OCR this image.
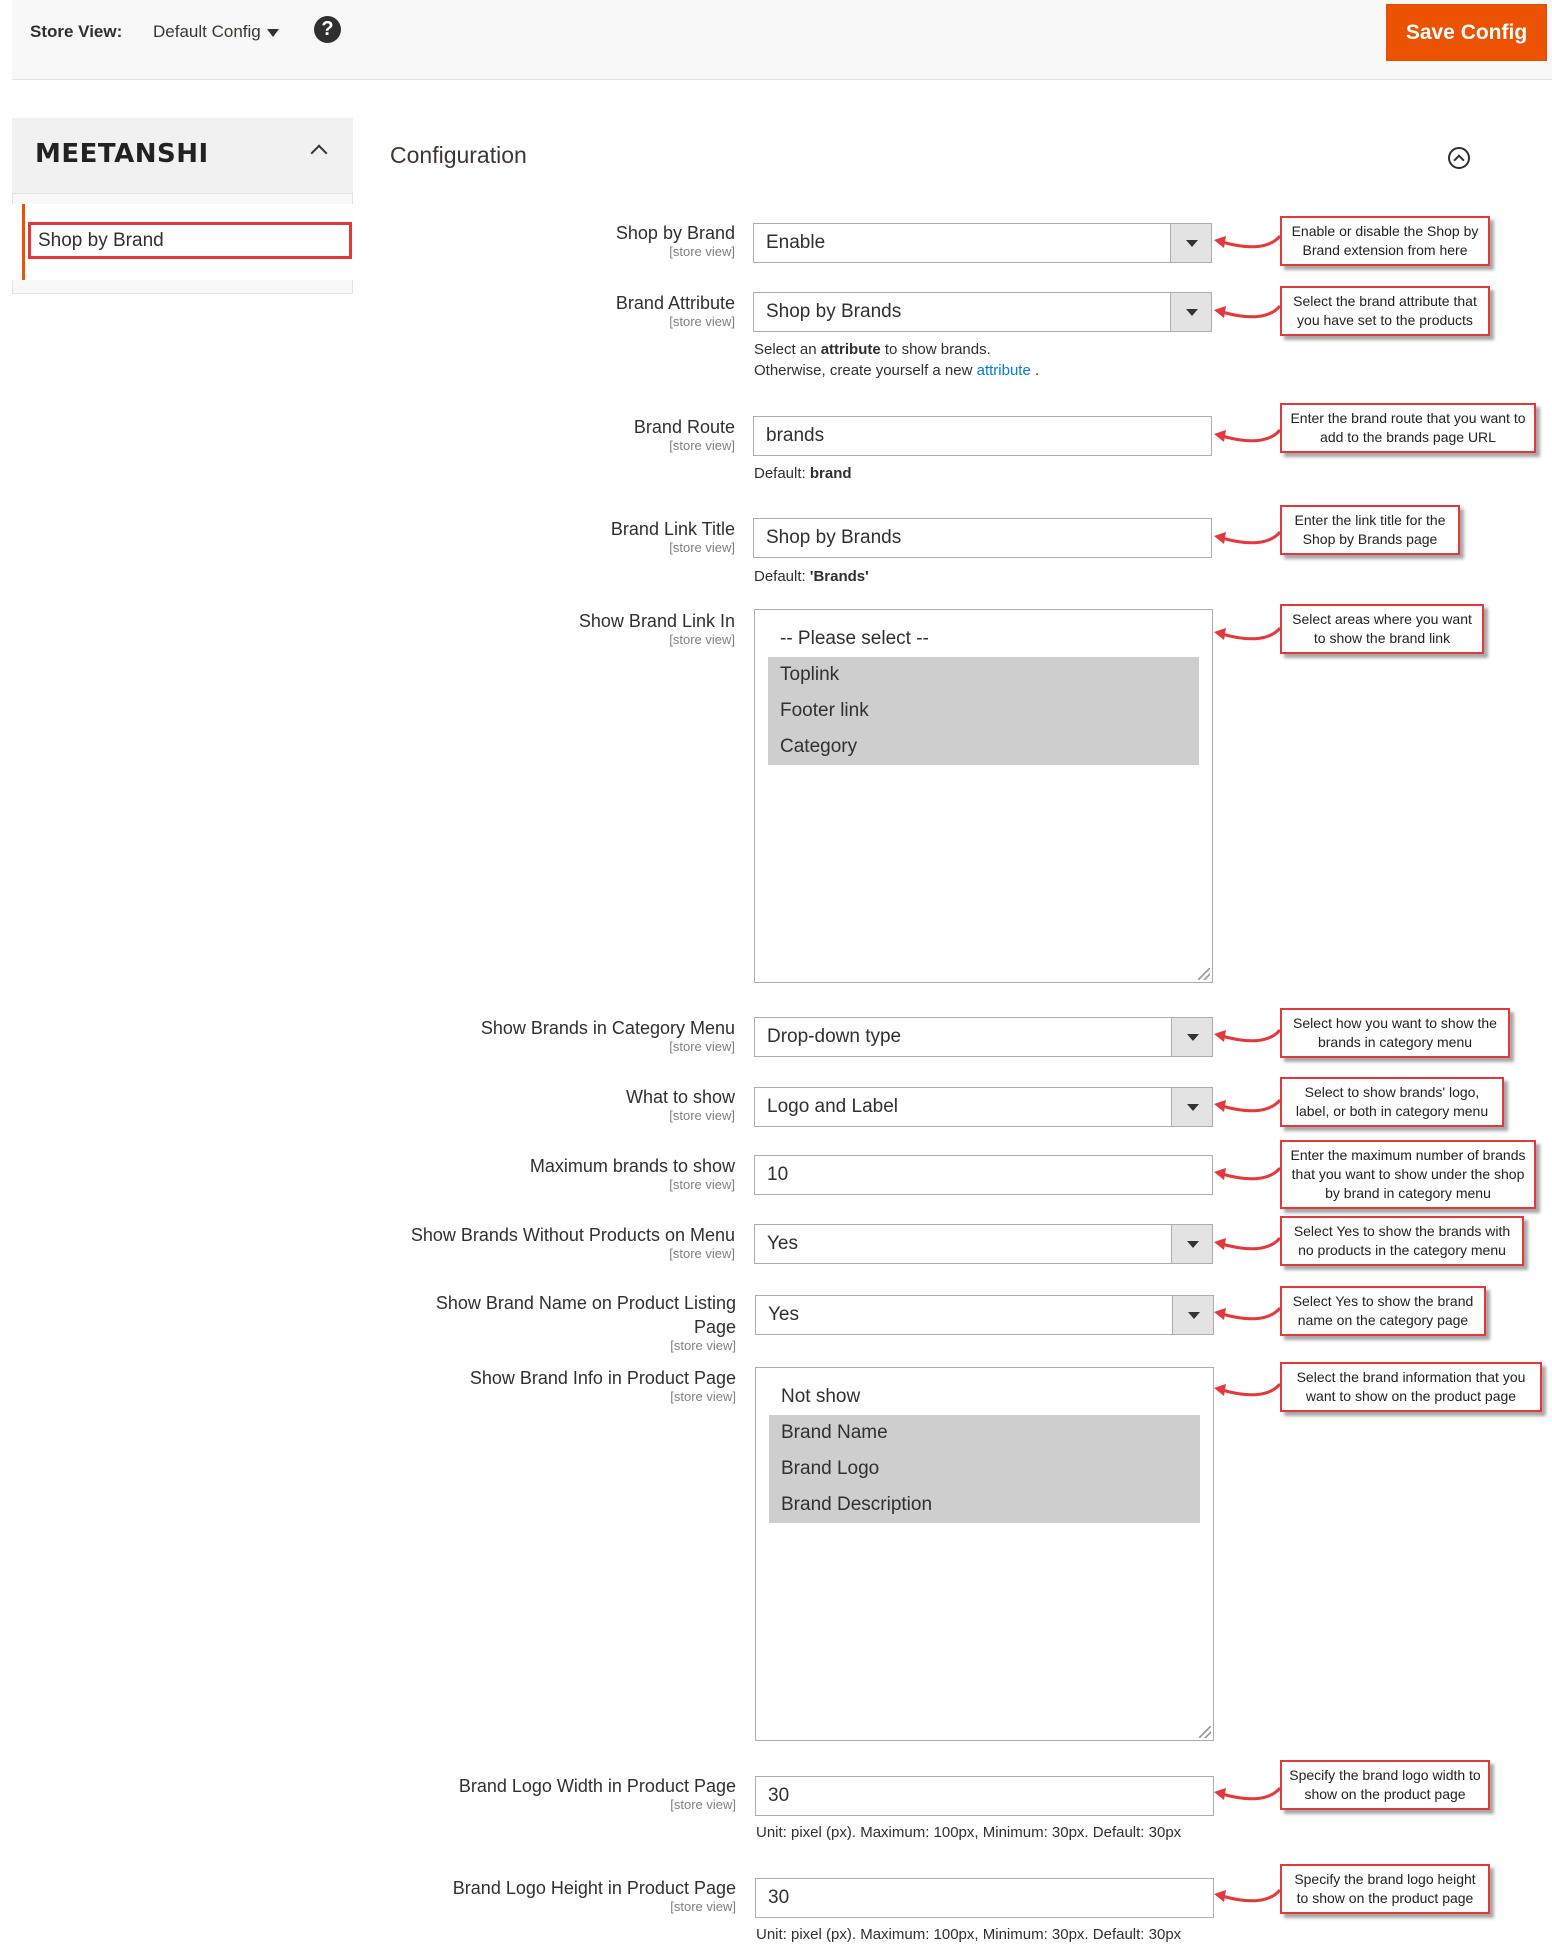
Store View: Default Config	?	Save Config
MEETANSHI
Shop by Brand
Configuration
Shop by Brand
[store view]	Enable
Brand Attribute
[store view]	Shop by Brands
Select an attribute to show brands.
Otherwise, create yourself a new attribute .
Brand Route
[store view]	brands
Default: brand
Brand Link Title
[store view]	Shop by Brands
Default: 'Brands'
Show Brand Link In
[store view]	-- Please select --
Toplink
Footer link
Category
Show Brands in Category Menu
[store view]	Drop-down type
What to show
[store view]	Logo and Label
Maximum brands to show
[store view]	10
Show Brands Without Products on Menu
[store view]	Yes
Show Brand Name on Product Listing
Page
[store view]
Yes
Show Brand Info in Product Page
[store view]	Not show
Brand Name
Brand Logo
Brand Description
Brand Logo Width in Product Page
[store view]	30
Unit: pixel (px). Maximum: 100px, Minimum: 30px. Default: 30px
Brand Logo Height in Product Page
[store view]	30
Unit: pixel (px). Maximum: 100px, Minimum: 30px. Default: 30px
Enable or disable the Shop by Brand extension from here
Select the brand attribute that you have set to the products
Enter the brand route that you want to add to the brands page URL
Enter the link title for the Shop by Brands page
Select areas where you want to show the brand link
Select how you want to show the brands in category menu
Select to show brands' logo, label, or both in category menu
Enter the maximum number of brands that you want to show under the shop by brand in category menu
Select Yes to show the brands with no products in the category menu
Select Yes to show the brand name on the category page
Select the brand information that you want to show on the product page
Specify the brand logo width to show on the product page
Specify the brand logo height to show on the product page
